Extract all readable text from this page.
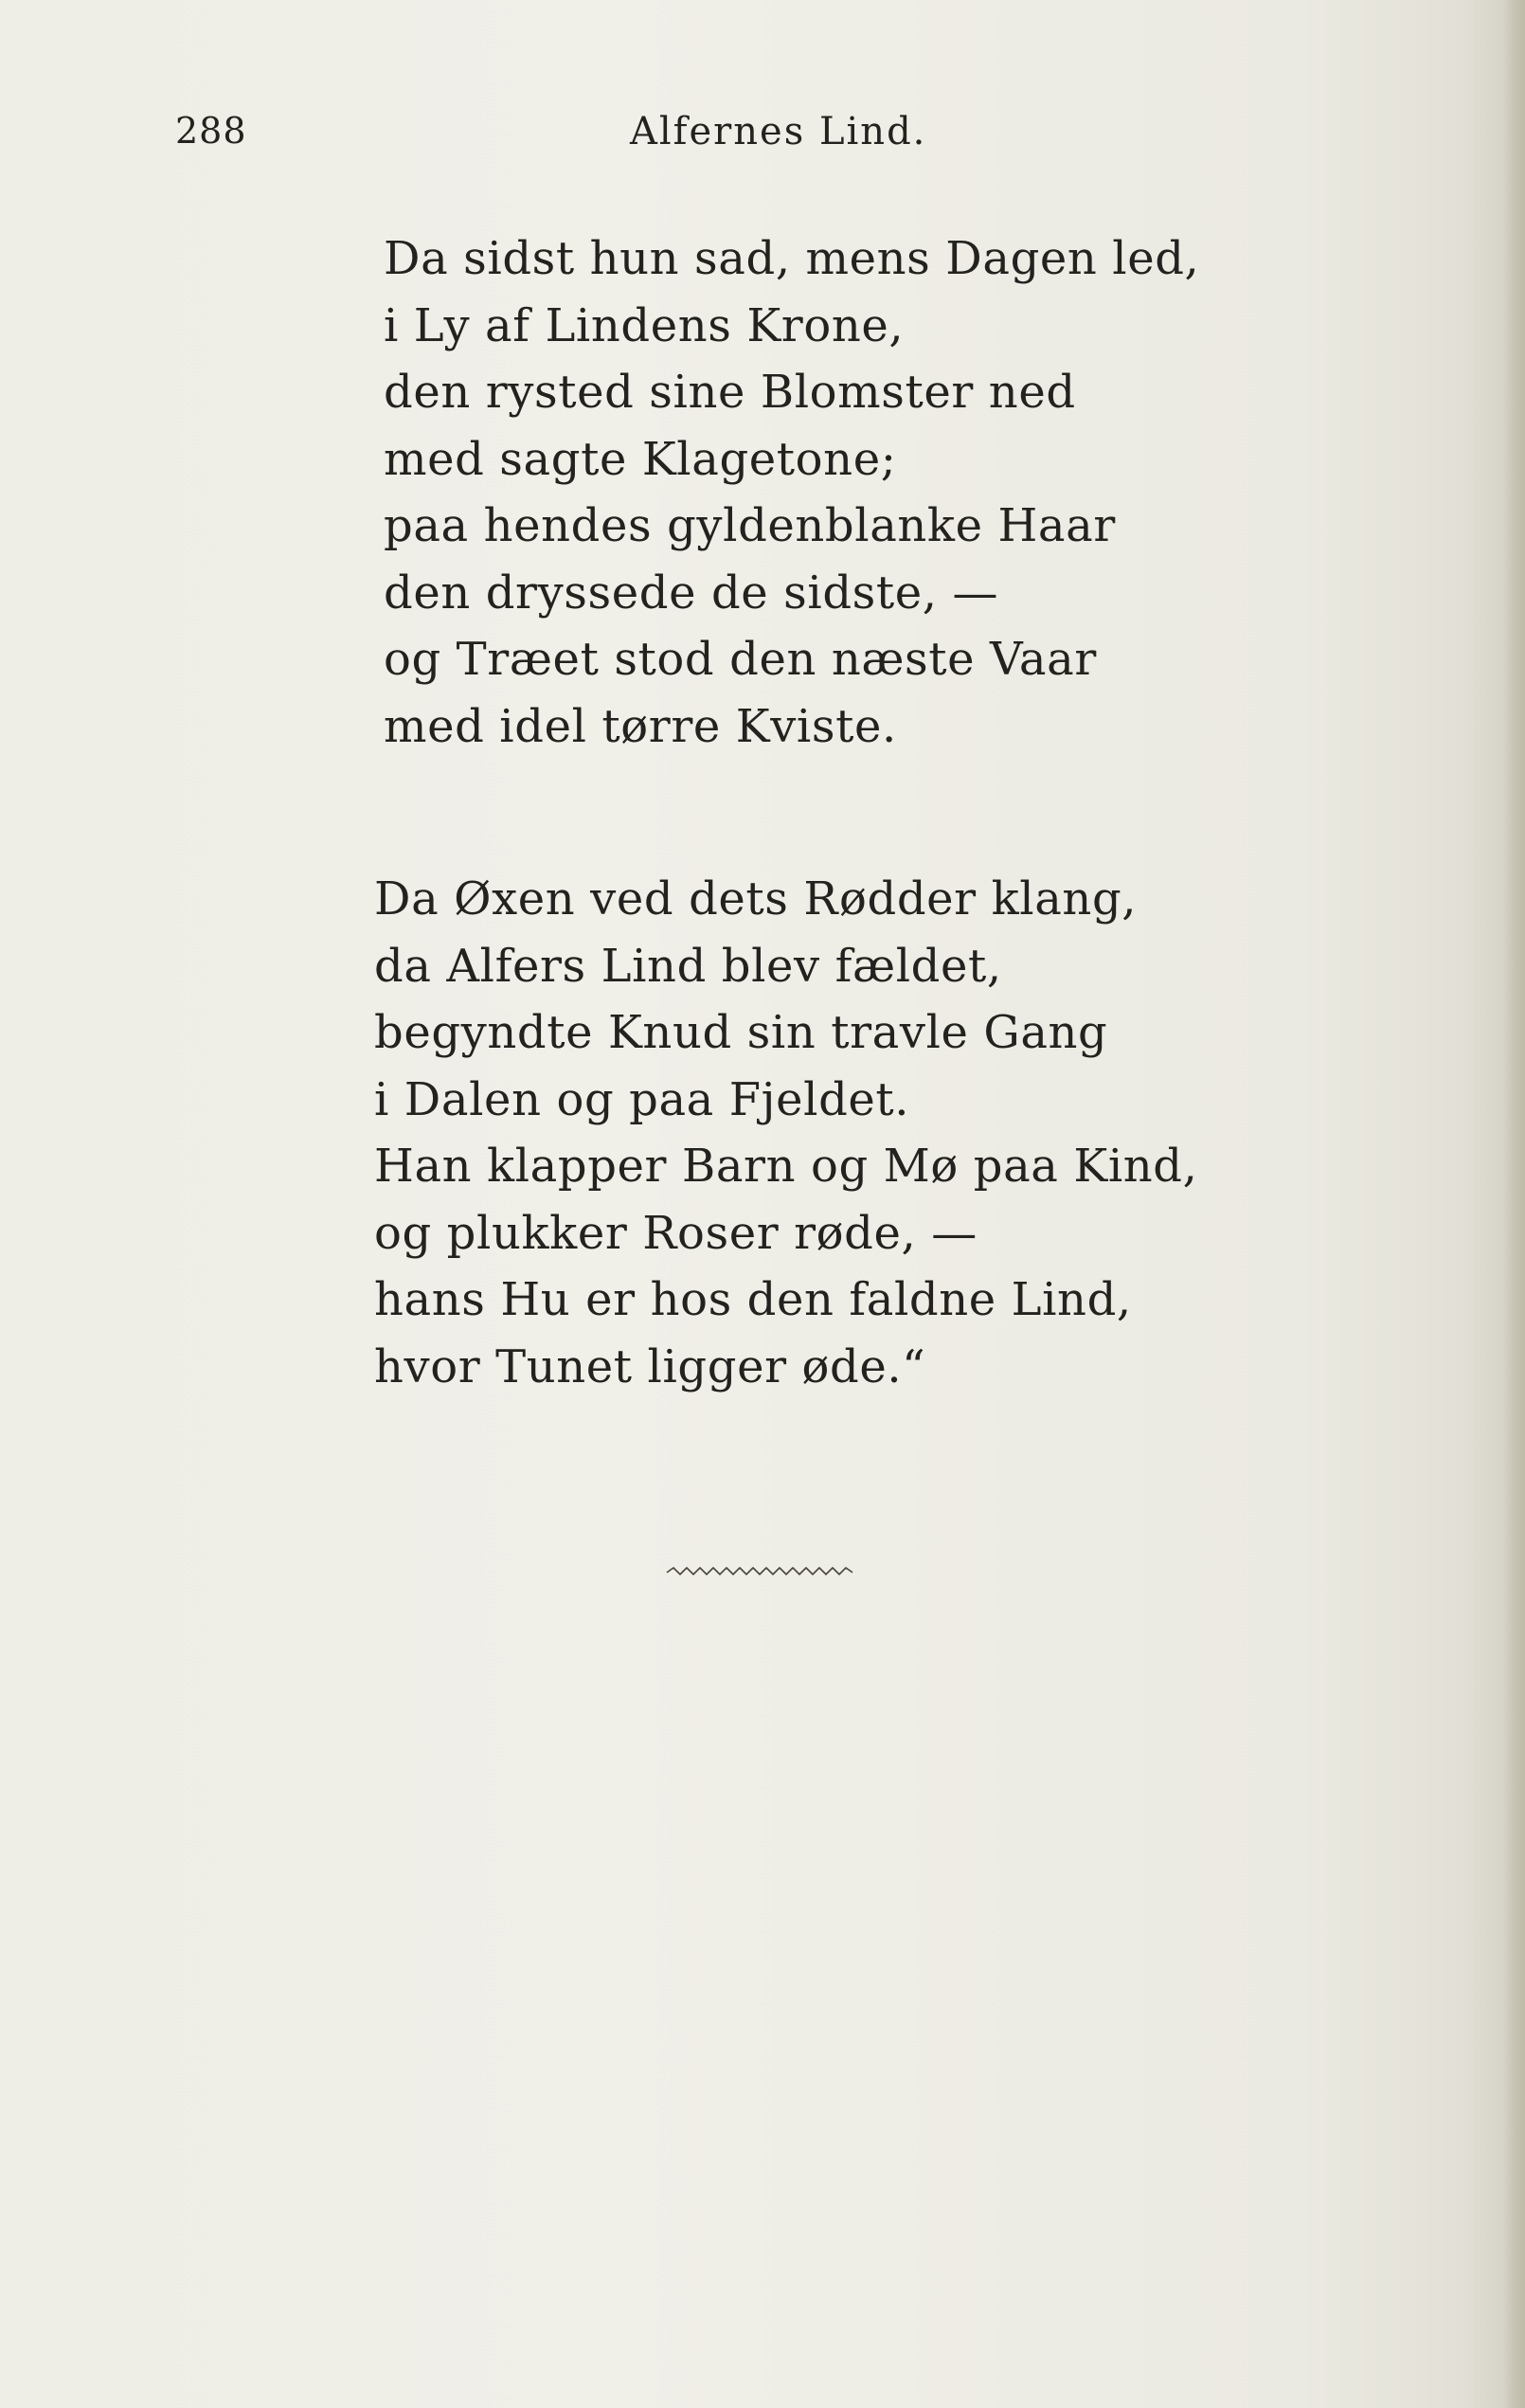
288	Alfernes Lind.
Da sidst hun sad, mens Dagen led,
i Ly af Lindens Krone,
den rysted sine Blomster ned
med sagte Klagetone;
paa hendes gyldenblanke Haar
den dryssede de sidste, —
og Træet stod den næste Vaar
med idel tørre Kviste.
Da Øxen ved dets Rødder klang,
da Alfers Lind blev fældet,
begyndte Knud sin travle Gang
i Dalen og paa Fjeldet.
Han klapper Barn og Mø paa Kind,
og plukker Roser røde, —
hans Hu er hos den faldne Lind,
hvor Tunet ligger øde.“
